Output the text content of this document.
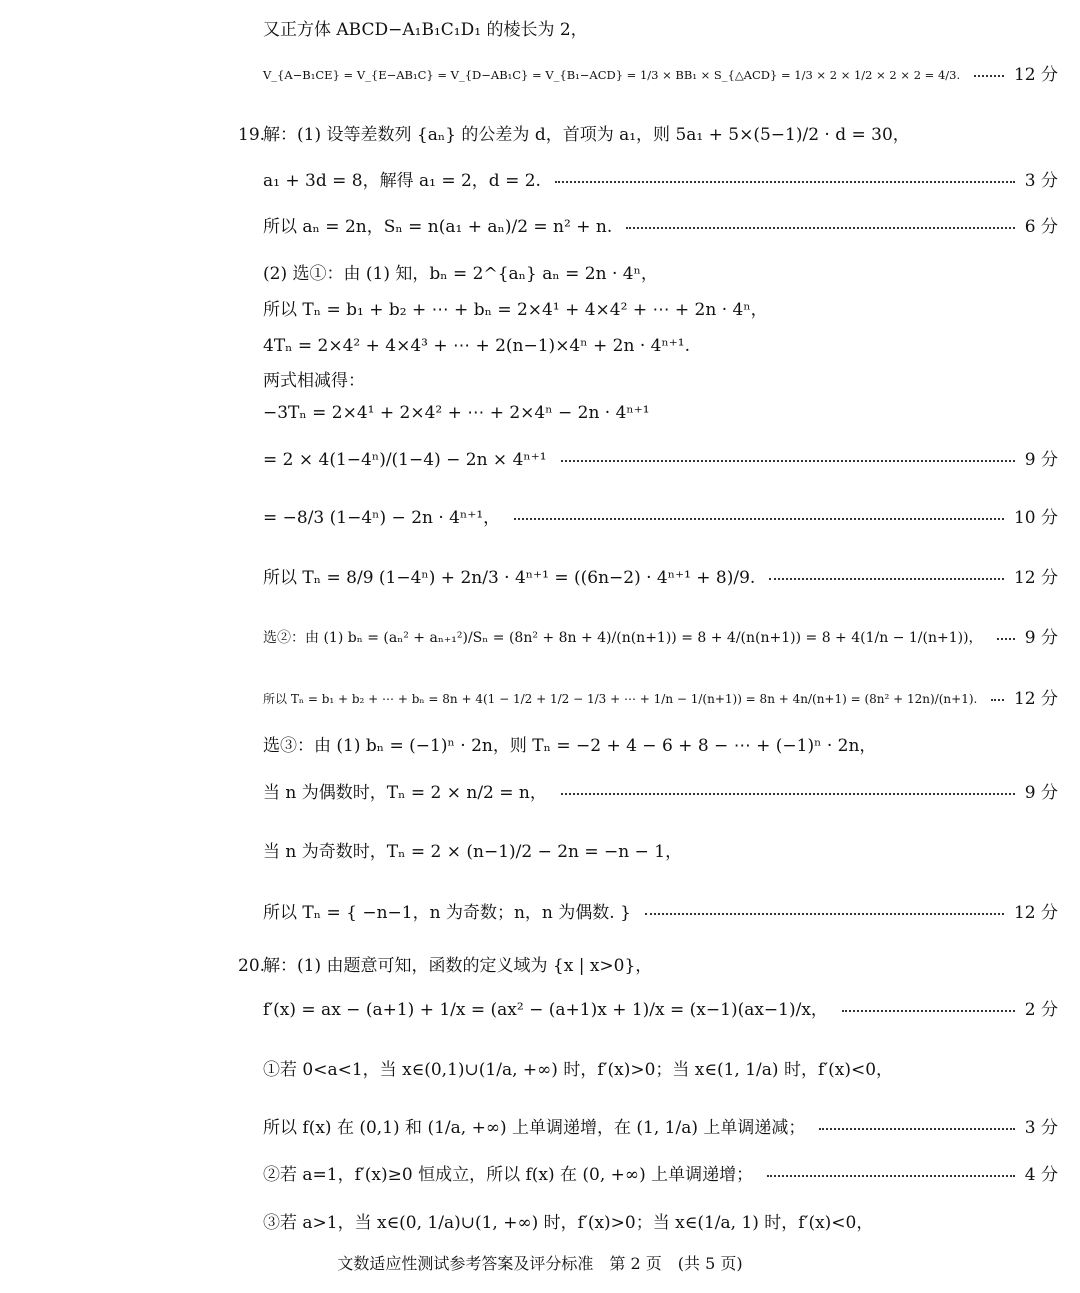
又正方体 ABCD−A₁B₁C₁D₁ 的棱长为 2，
V_{A−B₁CE} = V_{E−AB₁C} = V_{D−AB₁C} = V_{B₁−ACD} = 1/3 × BB₁ × S_{△ACD} = 1/3 × 2 × 1/2 × 2 × 2 = 4/3.	12 分
19.
解：(1) 设等差数列 {aₙ} 的公差为 d，首项为 a₁，则 5a₁ + 5×(5−1)/2 · d = 30，
a₁ + 3d = 8，解得 a₁ = 2，d = 2.	3 分
所以 aₙ = 2n，Sₙ = n(a₁ + aₙ)/2 = n² + n.	6 分
(2) 选①：由 (1) 知，bₙ = 2^{aₙ} aₙ = 2n · 4ⁿ，
所以 Tₙ = b₁ + b₂ + ⋯ + bₙ = 2×4¹ + 4×4² + ⋯ + 2n · 4ⁿ，
4Tₙ = 2×4² + 4×4³ + ⋯ + 2(n−1)×4ⁿ + 2n · 4ⁿ⁺¹.
两式相减得：
−3Tₙ = 2×4¹ + 2×4² + ⋯ + 2×4ⁿ − 2n · 4ⁿ⁺¹
= 2 × 4(1−4ⁿ)/(1−4) − 2n × 4ⁿ⁺¹	9 分
= −8/3 (1−4ⁿ) − 2n · 4ⁿ⁺¹，	10 分
所以 Tₙ = 8/9 (1−4ⁿ) + 2n/3 · 4ⁿ⁺¹ = ((6n−2) · 4ⁿ⁺¹ + 8)/9.	12 分
选②：由 (1) bₙ = (aₙ² + aₙ₊₁²)/Sₙ = (8n² + 8n + 4)/(n(n+1)) = 8 + 4/(n(n+1)) = 8 + 4(1/n − 1/(n+1))， 9 分
所以 Tₙ = b₁ + b₂ + ⋯ + bₙ = 8n + 4(1 − 1/2 + 1/2 − 1/3 + ⋯ + 1/n − 1/(n+1)) = 8n + 4n/(n+1) = (8n² + 12n)/(n+1). 12 分
选③：由 (1) bₙ = (−1)ⁿ · 2n，则 Tₙ = −2 + 4 − 6 + 8 − ⋯ + (−1)ⁿ · 2n，
当 n 为偶数时，Tₙ = 2 × n/2 = n，	9 分
当 n 为奇数时，Tₙ = 2 × (n−1)/2 − 2n = −n − 1，
所以 Tₙ = { −n−1，n 为奇数；n，n 为偶数. }	12 分
20.
解：(1) 由题意可知，函数的定义域为 {x | x>0}，
f′(x) = ax − (a+1) + 1/x = (ax² − (a+1)x + 1)/x = (x−1)(ax−1)/x，	2 分
①若 0<a<1，当 x∈(0,1)∪(1/a, +∞) 时，f′(x)>0；当 x∈(1, 1/a) 时，f′(x)<0，
所以 f(x) 在 (0,1) 和 (1/a, +∞) 上单调递增，在 (1, 1/a) 上单调递减；	3 分
②若 a=1，f′(x)≥0 恒成立，所以 f(x) 在 (0, +∞) 上单调递增；	4 分
③若 a>1，当 x∈(0, 1/a)∪(1, +∞) 时，f′(x)>0；当 x∈(1/a, 1) 时，f′(x)<0，
文数适应性测试参考答案及评分标准　第 2 页　(共 5 页)
